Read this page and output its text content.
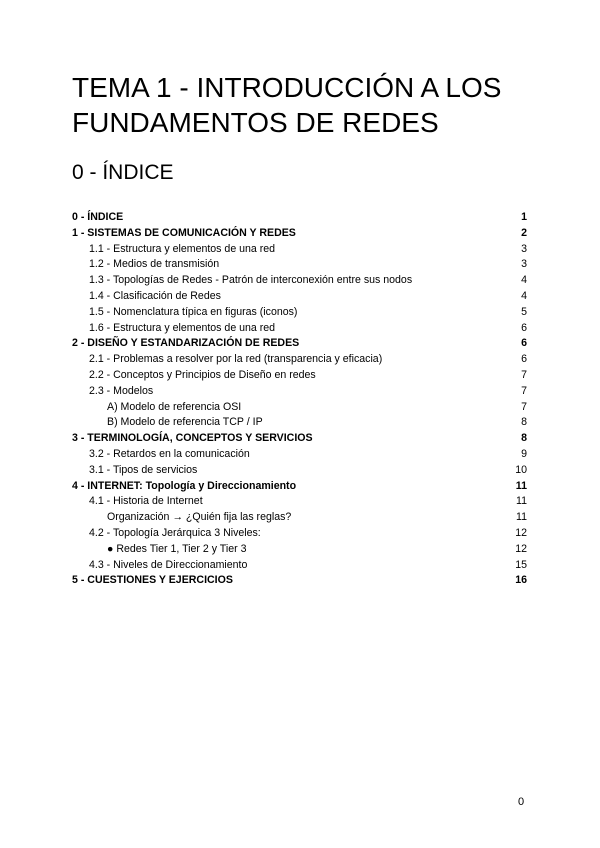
TEMA 1 - INTRODUCCIÓN A LOS FUNDAMENTOS DE REDES
0 - ÍNDICE
0 - ÍNDICE	1
1 - SISTEMAS DE COMUNICACIÓN Y REDES	2
1.1 - Estructura y elementos de una red	3
1.2 - Medios de transmisión	3
1.3 - Topologías de Redes - Patrón de interconexión entre sus nodos	4
1.4 - Clasificación de Redes	4
1.5 - Nomenclatura típica en figuras (iconos)	5
1.6 - Estructura y elementos de una red	6
2 - DISEÑO Y ESTANDARIZACIÓN DE REDES	6
2.1 - Problemas a resolver por la red (transparencia y eficacia)	6
2.2 - Conceptos y Principios de Diseño en redes	7
2.3 - Modelos	7
A) Modelo de referencia OSI	7
B) Modelo de referencia TCP / IP	8
3 - TERMINOLOGÍA, CONCEPTOS Y SERVICIOS	8
3.2 - Retardos en la comunicación	9
3.1 - Tipos de servicios	10
4 - INTERNET: Topología y Direccionamiento	11
4.1 - Historia de Internet	11
Organización → ¿Quién fija las reglas?	11
4.2 - Topología Jerárquica 3 Niveles:	12
● Redes Tier 1, Tier 2 y Tier 3	12
4.3 - Niveles de Direccionamiento	15
5 - CUESTIONES Y EJERCICIOS	16
0
